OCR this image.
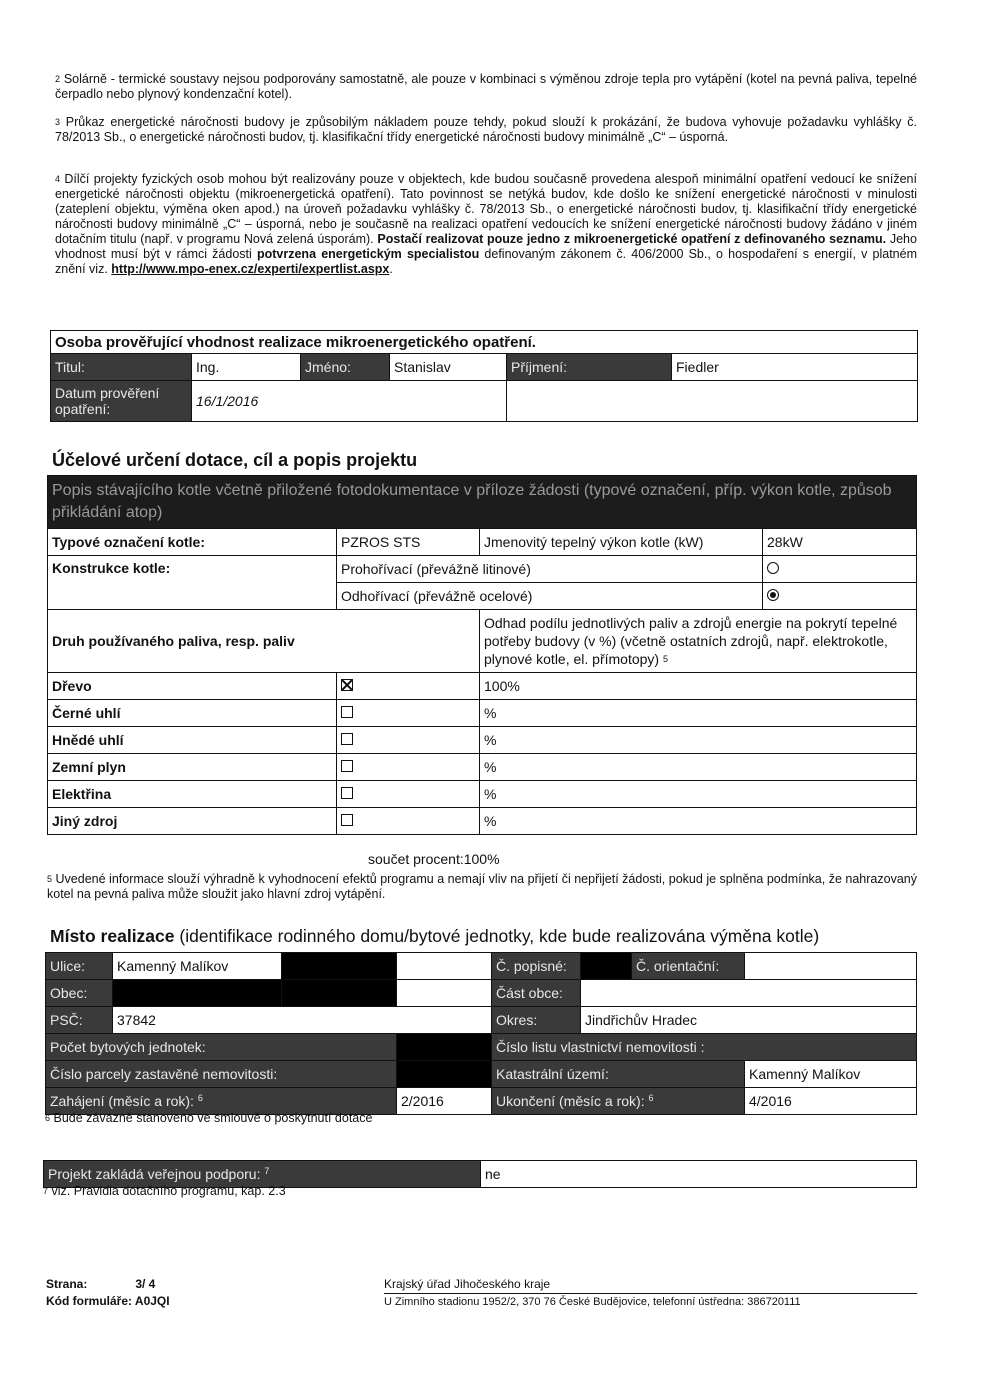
$^2$ Solárně - termické soustavy nejsou podporovány samostatně, ale pouze v kombinaci s výměnou zdroje tepla pro vytápění (kotel na pevná paliva, tepelné čerpadlo nebo plynový kondenzační kotel).
$^3$ Průkaz energetické náročnosti budovy je způsobilým nákladem pouze tehdy, pokud slouží k prokázání, že budova vyhovuje požadavku vyhlášky č. 78/2013 Sb., o energetické náročnosti budov, tj. klasifikační třídy energetické náročnosti budovy minimálně „C“ – úsporná.
$^4$ Dílčí projekty fyzických osob mohou být realizovány pouze v objektech, kde budou současně provedena alespoň minimální opatření vedoucí ke snížení energetické náročnosti objektu (mikroenergetická opatření). Tato povinnost se netýká budov, kde došlo ke snížení energetické náročnosti v minulosti (zateplení objektu, výměna oken apod.) na úroveň požadavku vyhlášky č. 78/2013 Sb., o energetické náročnosti budov, tj. klasifikační třídy energetické náročnosti budovy minimálně „C“ – úsporná, nebo je současně na realizaci opatření vedoucích ke snížení energetické náročnosti budovy žádáno v jiném dotačním titulu (např. v programu Nová zelená úsporám). Postačí realizovat pouze jedno z mikroenergetické opatření z definovaného seznamu. Jeho vhodnost musí být v rámci žádosti potvrzena energetickým specialistou definovaným zákonem č. 406/2000 Sb., o hospodaření s energií, v platném znění viz. http://www.mpo-enex.cz/experti/expertlist.aspx.
Osoba prověřující vhodnost realizace mikroenergetického opatření.					
Titul:	Ing.	Jméno:	Stanislav	Příjmení:	Fiedler
Datum prověření opatření:	16/1/2016				
Účelové určení dotace, cíl a popis projektu
Popis stávajícího kotle včetně přiložené fotodokumentace v příloze žádosti (typové označení, příp. výkon kotle, způsob přikládání atop)			
Typové označení kotle:	PZROS STS	Jmenovitý tepelný výkon kotle (kW)	28kW
Konstrukce kotle:	Prohořívací (převážně litinové)		
	Odhořívací (převážně ocelové)		
Druh používaného paliva, resp. paliv		Odhad podílu jednotlivých paliv a zdrojů energie na pokrytí tepelné potřeby budovy (v %) (včetně ostatních zdrojů, např. elektrokotle, plynové kotle, el. přímotopy) $^5$
Dřevo		100%	
Černé uhlí		%	
Hnědé uhlí		%	
Zemní plyn		%	
Elektřina		%	
Jiný zdroj		%	
součet procent:100%
$^5$ Uvedené informace slouží výhradně k vyhodnocení efektů programu a nemají vliv na přijetí či nepřijetí žádosti, pokud je splněna podmínka, že nahrazovaný kotel na pevná paliva může sloužit jako hlavní zdroj vytápění.
Místo realizace (identifikace rodinného domu/bytové jednotky, kde bude realizována výměna kotle)
Ulice:	Kamenný Malíkov			Č. popisné:		Č. orientační:	
Obec:				Část obce:			
PSČ:	37842			Okres:	Jindřichův Hradec		
Počet bytových jednotek:				Číslo listu vlastnictví nemovitosti :			
Číslo parcely zastavěné nemovitosti:				Katastrální území:			Kamenný Malíkov
Zahájení (měsíc a rok): $^6$			2/2016	Ukončení (měsíc a rok): $^6$			4/2016
$^6$ Bude závazně stanoveno ve smlouvě o poskytnutí dotace
Projekt zakládá veřejnou podporu: $^7$	ne
$^7$ viz. Pravidla dotačního programu, kap. 2.3
Strana:	3/ 4
Kód formuláře: A0JQI
Krajský úřad Jihočeského kraje
U Zimního stadionu 1952/2, 370 76 České Budějovice, telefonní ústředna: 386720111
